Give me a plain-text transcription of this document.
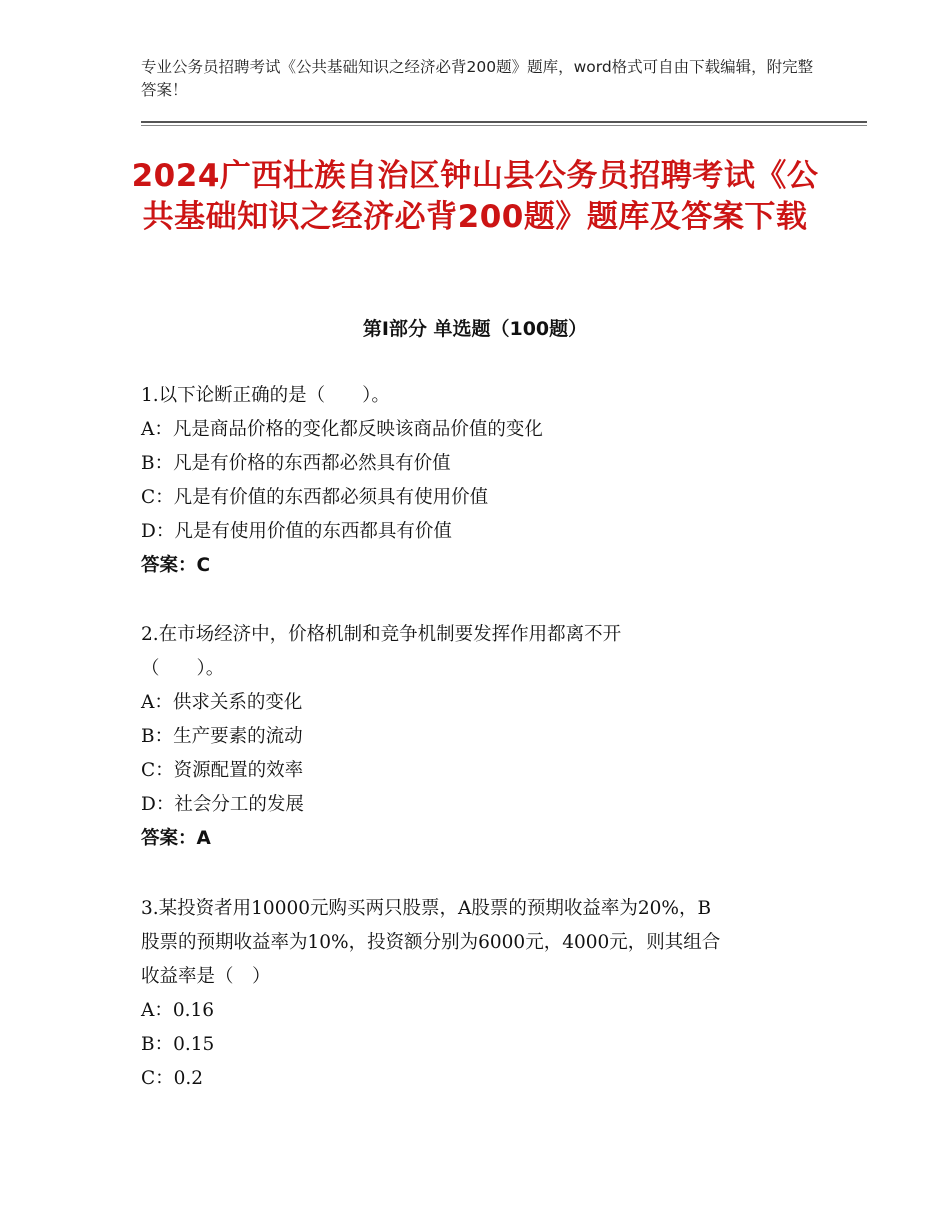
专业公务员招聘考试《公共基础知识之经济必背200题》题库，word格式可自由下载编辑，附完整答案！
2024广西壮族自治区钟山县公务员招聘考试《公共基础知识之经济必背200题》题库及答案下载
第Ⅰ部分 单选题（100题）
1.以下论断正确的是（　　）。
A：凡是商品价格的变化都反映该商品价值的变化
B：凡是有价格的东西都必然具有价值
C：凡是有价值的东西都必须具有使用价值
D：凡是有使用价值的东西都具有价值
答案：C
2.在市场经济中，价格机制和竞争机制要发挥作用都离不开
（　　）。
A：供求关系的变化
B：生产要素的流动
C：资源配置的效率
D：社会分工的发展
答案：A
3.某投资者用10000元购买两只股票，A股票的预期收益率为20%，B
股票的预期收益率为10%，投资额分别为6000元，4000元，则其组合
收益率是（　）
A：0.16
B：0.15
C：0.2
